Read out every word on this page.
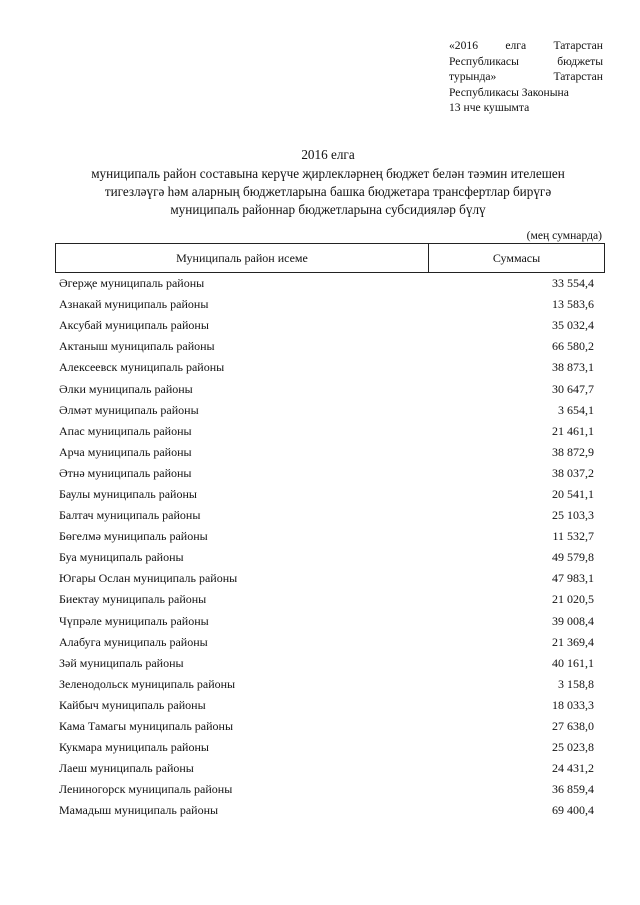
«2016 елга Татарстан
Республикасы	бюджеты
турында»	Татарстан
Республикасы Законына
13 нче кушымта
2016 елга
муниципаль район составына керүче җирлекләрнең бюджет белән тәэмин ителешен
тигезләүгә һәм аларның бюджетларына башка бюджетара трансфертлар бирүгә
муниципаль районнар бюджетларына субсидияләр бүлү
(мең сумнарда)
Муниципаль район исеме	Суммасы
Әгерҗе муниципаль районы	33 554,4
Азнакай муниципаль районы	13 583,6
Аксубай муниципаль районы	35 032,4
Актаныш муниципаль районы	66 580,2
Алексеевск муниципаль районы	38 873,1
Әлки муниципаль районы	30 647,7
Әлмәт муниципаль районы	3 654,1
Апас муниципаль районы	21 461,1
Арча муниципаль районы	38 872,9
Әтнә муниципаль районы	38 037,2
Баулы муниципаль районы	20 541,1
Балтач муниципаль районы	25 103,3
Бөгелмә муниципаль районы	11 532,7
Буа муниципаль районы	49 579,8
Югары Ослан муниципаль районы	47 983,1
Биектау муниципаль районы	21 020,5
Чүпрәле муниципаль районы	39 008,4
Алабуга муниципаль районы	21 369,4
Зәй муниципаль районы	40 161,1
Зеленодольск муниципаль районы	3 158,8
Кайбыч муниципаль районы	18 033,3
Кама Тамагы муниципаль районы	27 638,0
Кукмара муниципаль районы	25 023,8
Лаеш муниципаль районы	24 431,2
Лениногорск муниципаль районы	36 859,4
Мамадыш муниципаль районы	69 400,4
